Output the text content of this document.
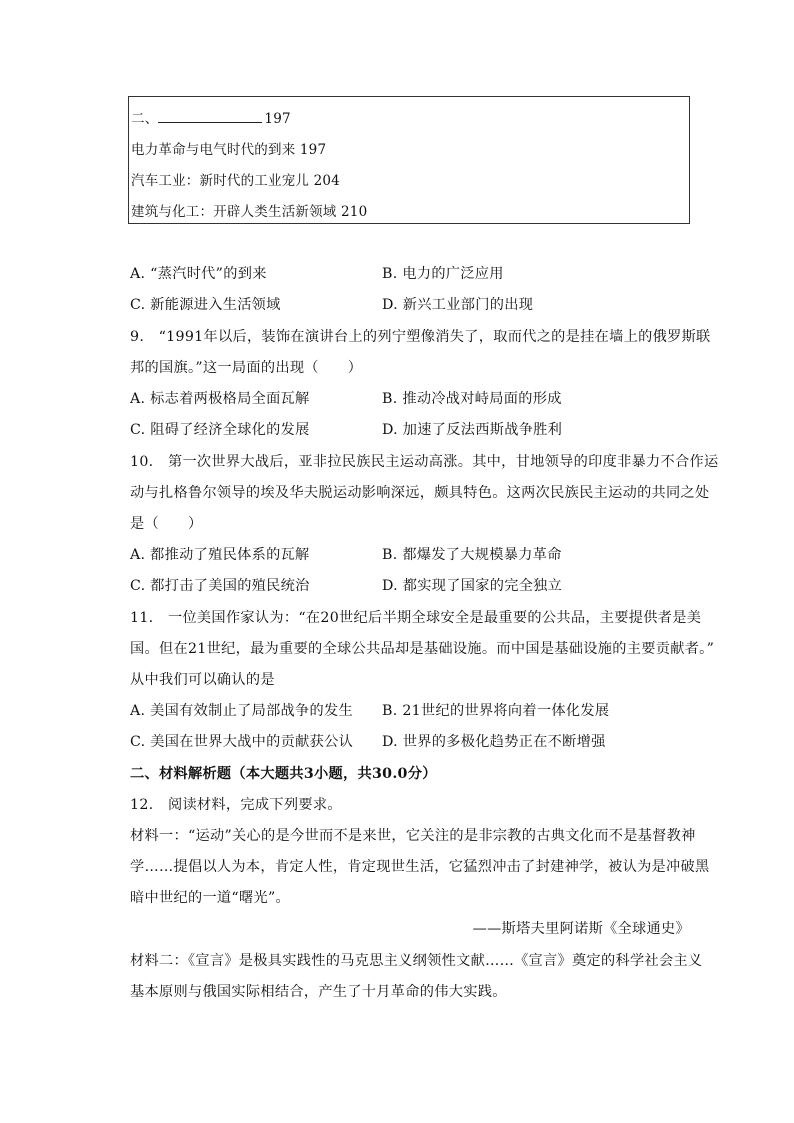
二、	197
电力革命与电气时代的到来 197
汽车工业：新时代的工业宠儿 204
建筑与化工：开辟人类生活新领域 210
A. “蒸汽时代”的到来	B. 电力的广泛应用
C. 新能源进入生活领域	D. 新兴工业部门的出现
9.　“1991年以后，装饰在演讲台上的列宁塑像消失了，取而代之的是挂在墙上的俄罗斯联
邦的国旗。”这一局面的出现（　　）
A. 标志着两极格局全面瓦解	B. 推动冷战对峙局面的形成
C. 阻碍了经济全球化的发展	D. 加速了反法西斯战争胜利
10.　第一次世界大战后，亚非拉民族民主运动高涨。其中，甘地领导的印度非暴力不合作运
动与扎格鲁尔领导的埃及华夫脱运动影响深远，颇具特色。这两次民族民主运动的共同之处
是（　　）
A. 都推动了殖民体系的瓦解	B. 都爆发了大规模暴力革命
C. 都打击了美国的殖民统治	D. 都实现了国家的完全独立
11.　一位美国作家认为：“在20世纪后半期全球安全是最重要的公共品，主要提供者是美
国。但在21世纪，最为重要的全球公共品却是基础设施。而中国是基础设施的主要贡献者。”
从中我们可以确认的是
A. 美国有效制止了局部战争的发生 B. 21世纪的世界将向着一体化发展
C. 美国在世界大战中的贡献获公认 D. 世界的多极化趋势正在不断增强
二、材料解析题（本大题共3小题，共30.0分）
12.　阅读材料，完成下列要求。
材料一：“运动”关心的是今世而不是来世，它关注的是非宗教的古典文化而不是基督教神
学……提倡以人为本，肯定人性，肯定现世生活，它猛烈冲击了封建神学，被认为是冲破黑
暗中世纪的一道“曙光”。
——斯塔夫里阿诺斯《全球通史》
材料二：《宣言》是极具实践性的马克思主义纲领性文献……《宣言》奠定的科学社会主义
基本原则与俄国实际相结合，产生了十月革命的伟大实践。
